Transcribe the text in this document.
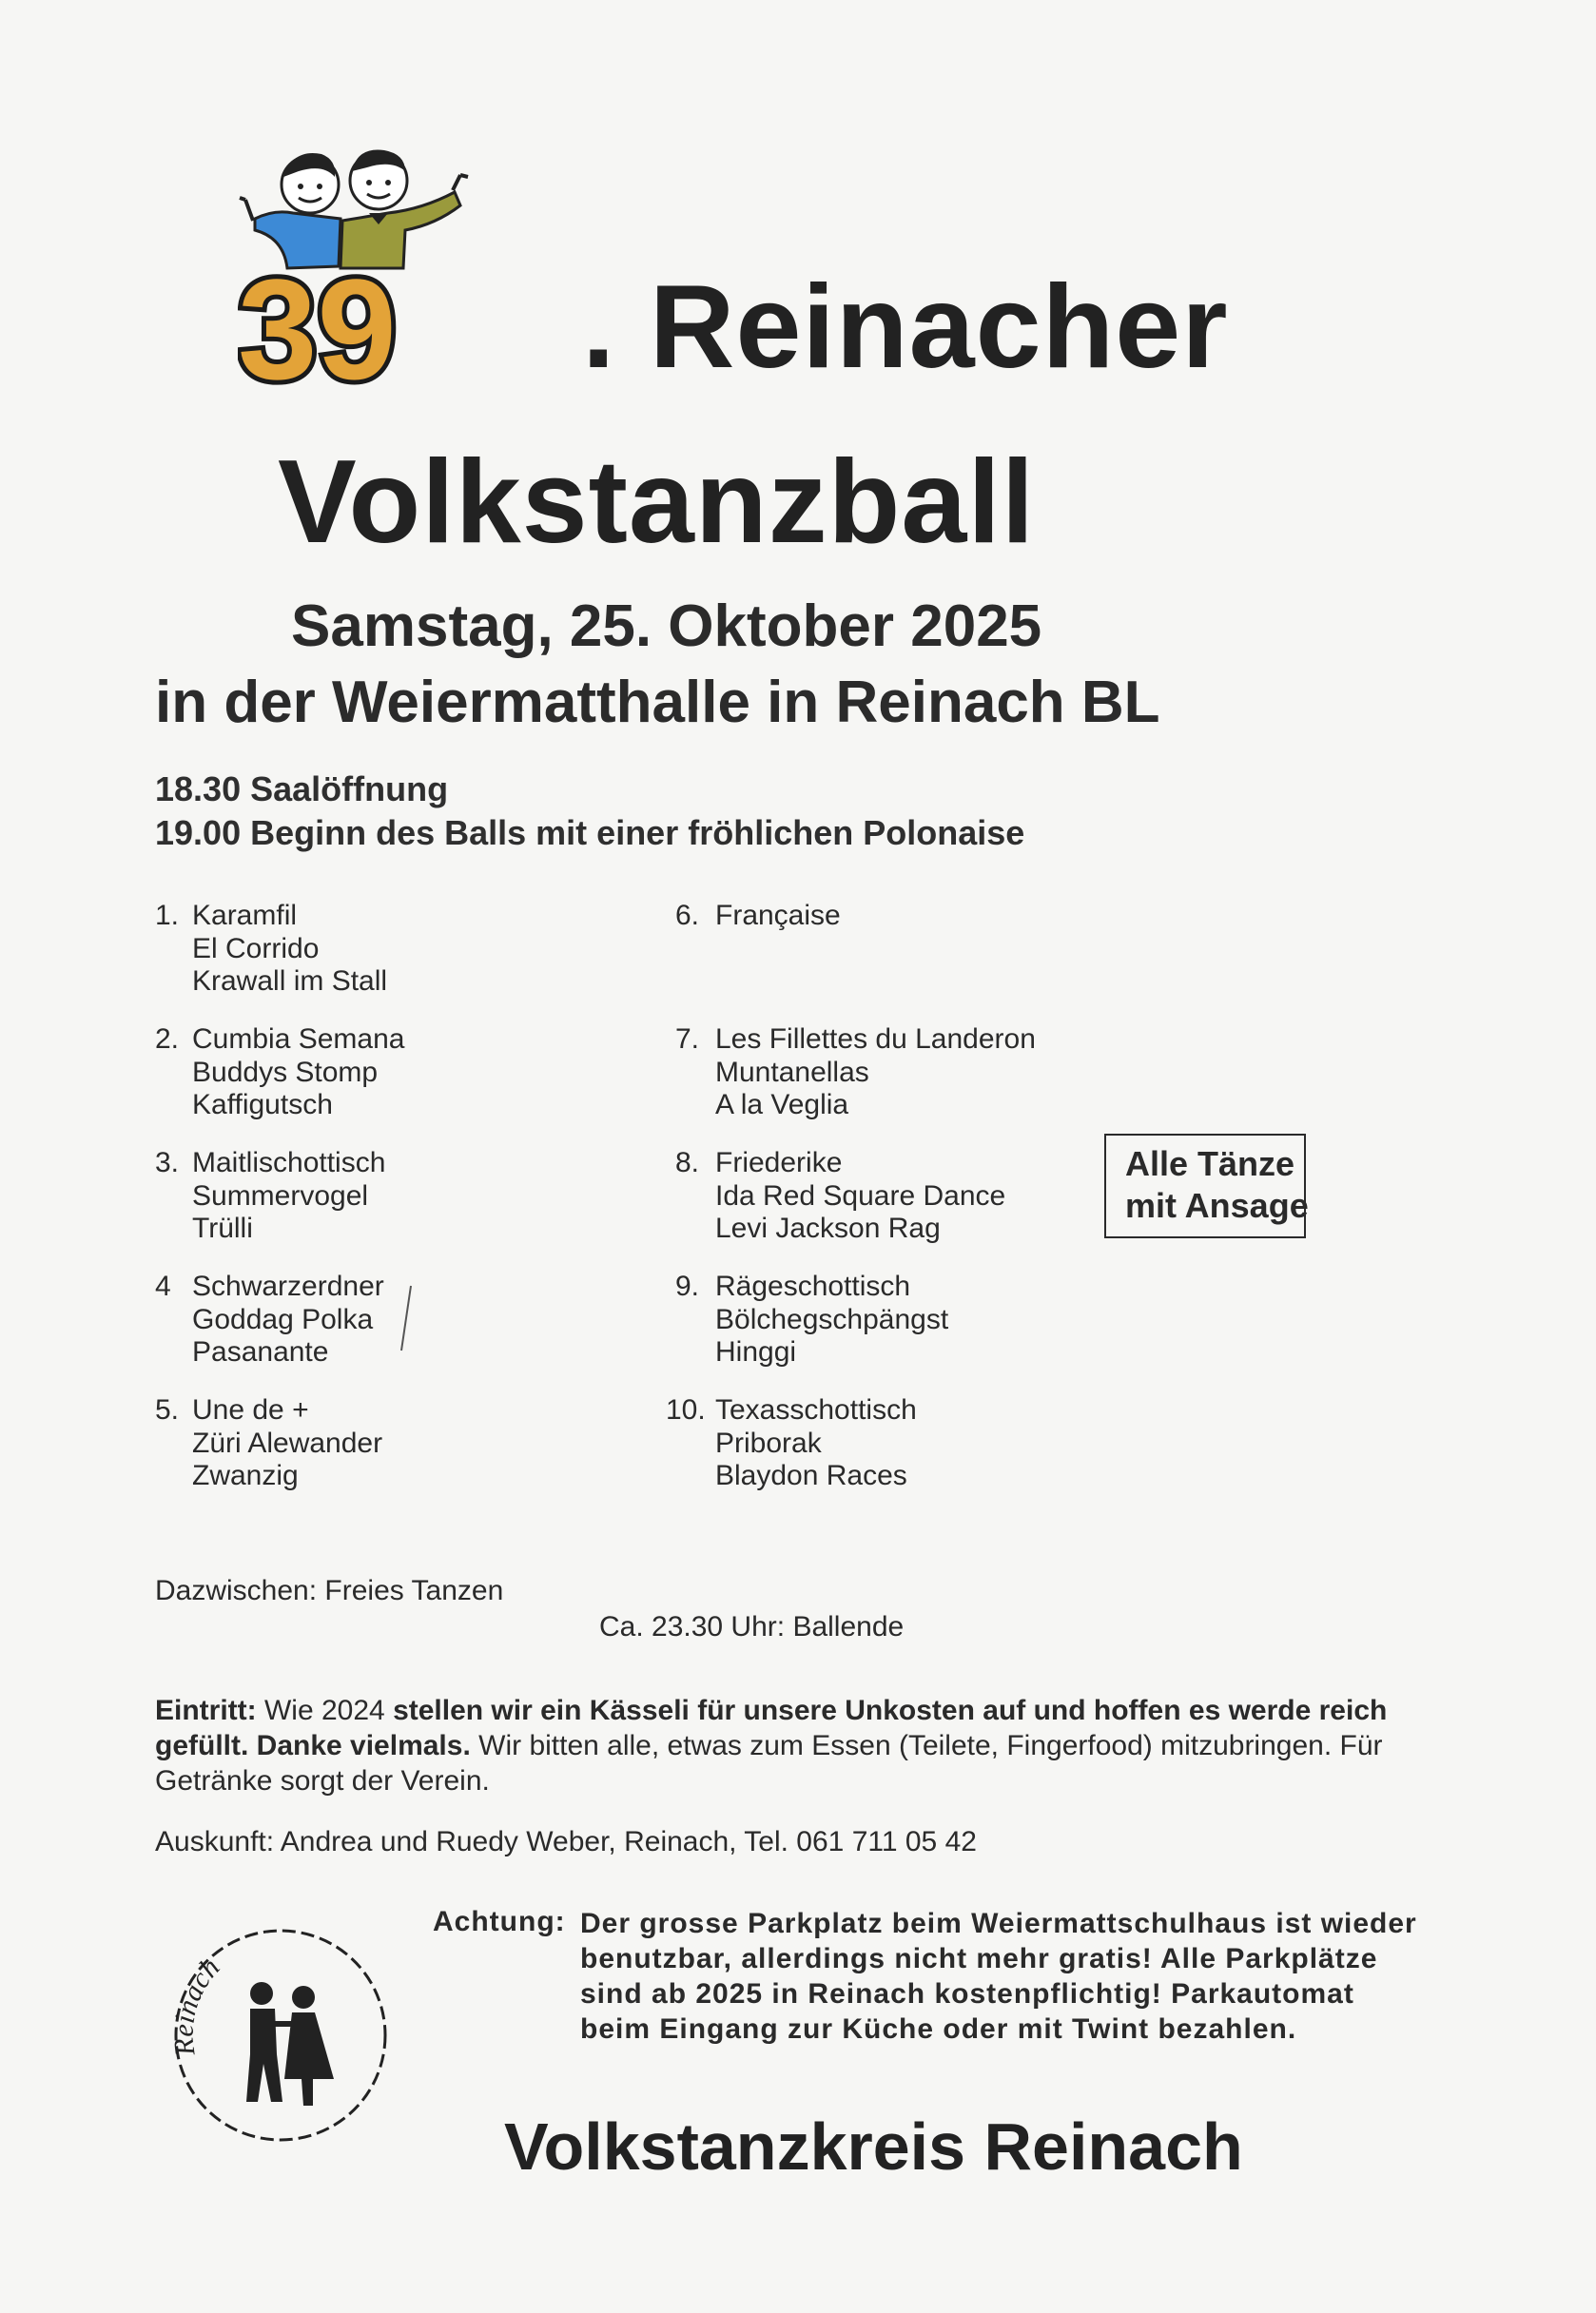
39 . Reinacher
Volkstanzball
Samstag, 25. Oktober 2025
in der Weiermatthalle in Reinach BL
18.30 Saalöffnung
19.00 Beginn des Balls mit einer fröhlichen Polonaise
1. Karamfil
El Corrido
Krawall im Stall
2. Cumbia Semana
Buddys Stomp
Kaffigutsch
3. Maitlischottisch
Summervogel
Trülli
4 Schwarzerdner
Goddag Polka
Pasanante
5. Une de +
Züri Alewander
Zwanzig
6. Française
7. Les Fillettes du Landeron
Muntanellas
A la Veglia
8. Friederike
Ida Red Square Dance
Levi Jackson Rag
9. Rägeschottisch
Bölchegschpängst
Hinggi
10. Texasschottisch
Priborak
Blaydon Races
Alle Tänze
mit Ansage
Dazwischen: Freies Tanzen
Ca. 23.30 Uhr: Ballende
Eintritt: Wie 2024 stellen wir ein Kässeli für unsere Unkosten auf und hoffen es werde reich gefüllt. Danke vielmals. Wir bitten alle, etwas zum Essen (Teilete, Fingerfood) mitzubringen. Für Getränke sorgt der Verein.
Auskunft: Andrea und Ruedy Weber, Reinach, Tel. 061 711 05 42
Reinach
Achtung: Der grosse Parkplatz beim Weiermattschulhaus ist wieder benutzbar, allerdings nicht mehr gratis! Alle Parkplätze sind ab 2025 in Reinach kostenpflichtig! Parkautomat beim Eingang zur Küche oder mit Twint bezahlen.
Volkstanzkreis Reinach
